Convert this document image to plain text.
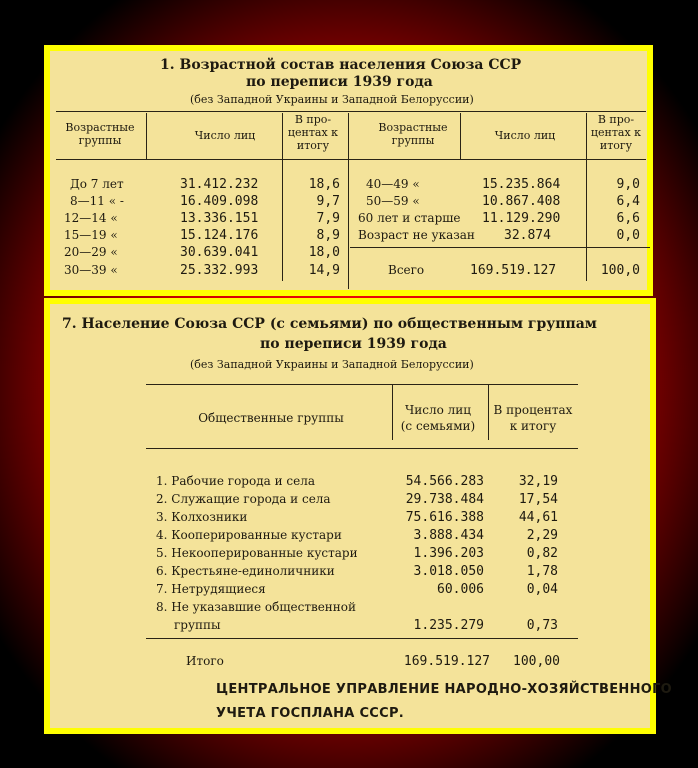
1. Возрастной состав населения Союза ССР
по переписи 1939 года
(без Западной Украины и Западной Белоруссии)
Возрастные группы	Число лиц
В про- центах к итогу
Возрастные группы	Число лиц
В про- центах к итогу
До 7 лет	31.412.232	18,6
8—11 « -	16.409.098	9,7
12—14 «	13.336.151	7,9
15—19 «	15.124.176	8,9
20—29 «	30.639.041	18,0
30—39 «	25.332.993	14,9
40—49 «	15.235.864	9,0
50—59 «	10.867.408	6,4
60 лет и старше 11.129.290	6,6
Возраст не указан 32.874	0,0
Всего	169.519.127	100,0
7. Население Союза ССР (с семьями) по общественным группам
по переписи 1939 года
(без Западной Украины и Западной Белоруссии)
Общественные группы
Число лиц
(с семьями)
В процентах
к итогу
1. Рабочие города и села	54.566.283	32,19
2. Служащие города и села	29.738.484	17,54
3. Колхозники	75.616.388	44,61
4. Кооперированные кустари	3.888.434	2,29
5. Некооперированные кустари	1.396.203	0,82
6. Крестьяне-единоличники	3.018.050	1,78
7. Нетрудящиеся	60.006	0,04
8. Не указавшие общественной
группы	1.235.279	0,73
Итого	169.519.127	100,00
ЦЕНТРАЛЬНОЕ УПРАВЛЕНИЕ НАРОДНО-ХОЗЯЙСТВЕННОГО
УЧЕТА ГОСПЛАНА СССР.
